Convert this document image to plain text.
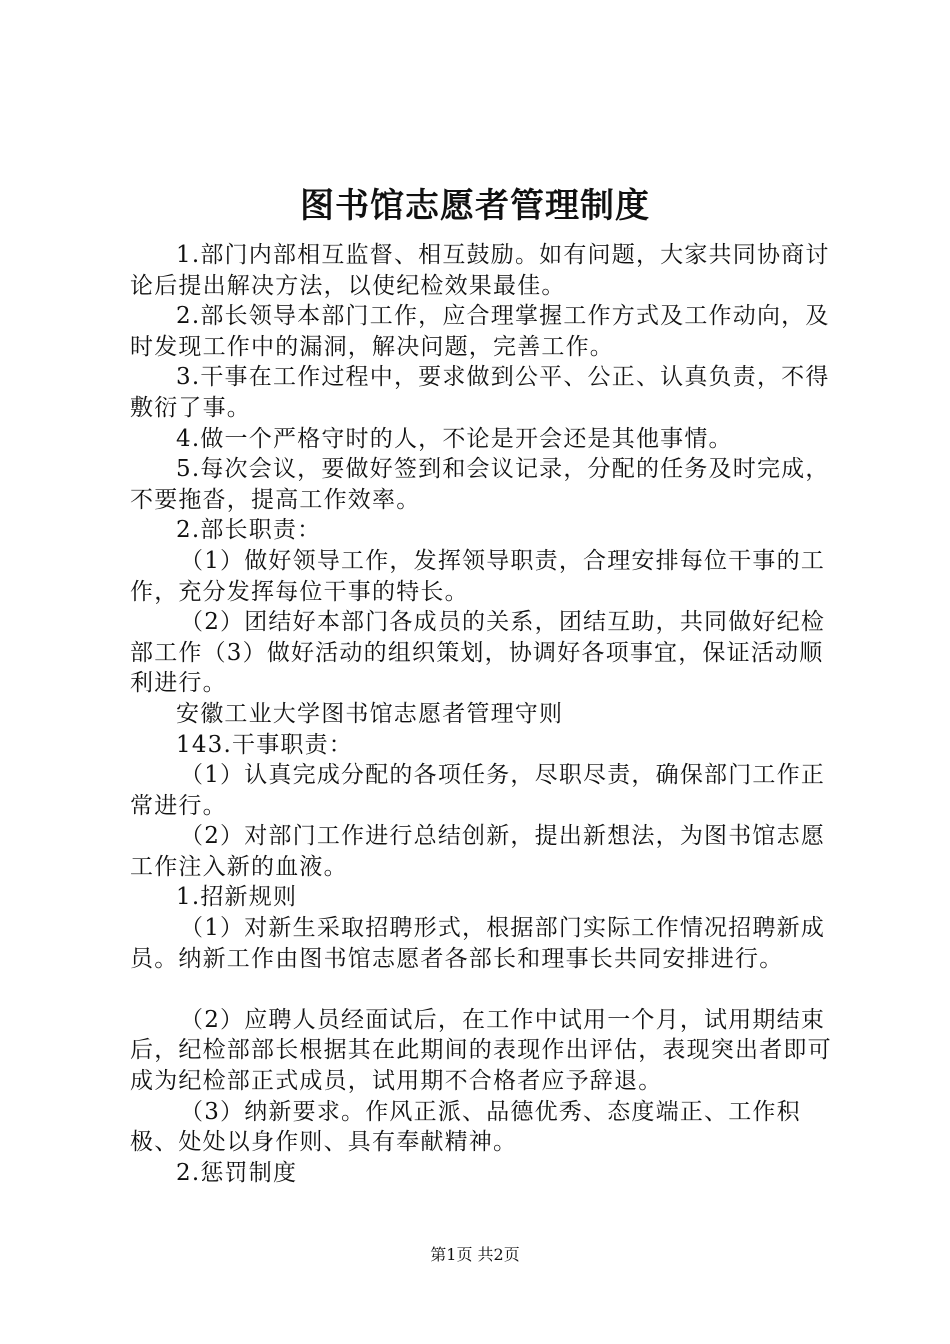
图书馆志愿者管理制度

1.部门内部相互监督、相互鼓励。如有问题，大家共同协商讨论后提出解决方法，以使纪检效果最佳。

2.部长领导本部门工作，应合理掌握工作方式及工作动向，及时发现工作中的漏洞，解决问题，完善工作。

3.干事在工作过程中，要求做到公平、公正、认真负责，不得敷衍了事。

4.做一个严格守时的人，不论是开会还是其他事情。

5.每次会议，要做好签到和会议记录，分配的任务及时完成，不要拖沓，提高工作效率。

2.部长职责：

（1）做好领导工作，发挥领导职责，合理安排每位干事的工作，充分发挥每位干事的特长。

（2）团结好本部门各成员的关系，团结互助，共同做好纪检部工作（3）做好活动的组织策划，协调好各项事宜，保证活动顺利进行。

安徽工业大学图书馆志愿者管理守则

143.干事职责：

（1）认真完成分配的各项任务，尽职尽责，确保部门工作正常进行。

（2）对部门工作进行总结创新，提出新想法，为图书馆志愿工作注入新的血液。

1.招新规则

（1）对新生采取招聘形式，根据部门实际工作情况招聘新成员。纳新工作由图书馆志愿者各部长和理事长共同安排进行。

（2）应聘人员经面试后，在工作中试用一个月，试用期结束后，纪检部部长根据其在此期间的表现作出评估，表现突出者即可成为纪检部正式成员，试用期不合格者应予辞退。

（3）纳新要求。作风正派、品德优秀、态度端正、工作积极、处处以身作则、具有奉献精神。

2.惩罚制度

第1页 共2页
